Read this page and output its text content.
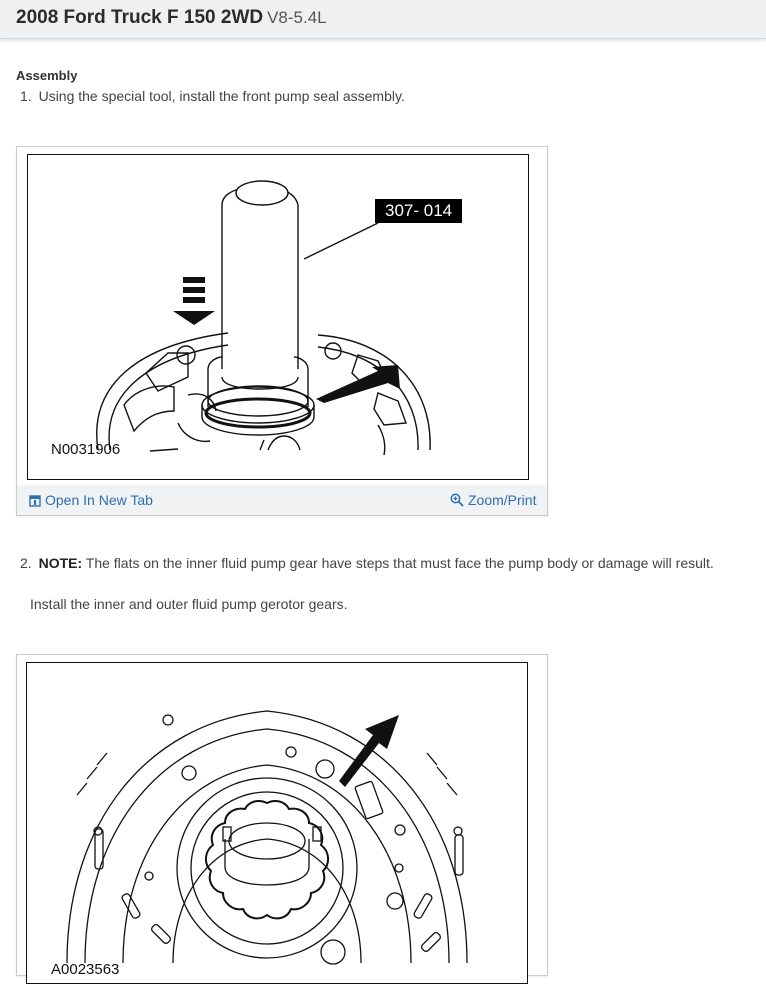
2008 Ford Truck F 150 2WD V8-5.4L
Assembly
1. Using the special tool, install the front pump seal assembly.
307- 014
N0031906
Open In New Tab	Zoom/Print
2. NOTE: The flats on the inner fluid pump gear have steps that must face the pump body or damage will result.
Install the inner and outer fluid pump gerotor gears.
A0023563
